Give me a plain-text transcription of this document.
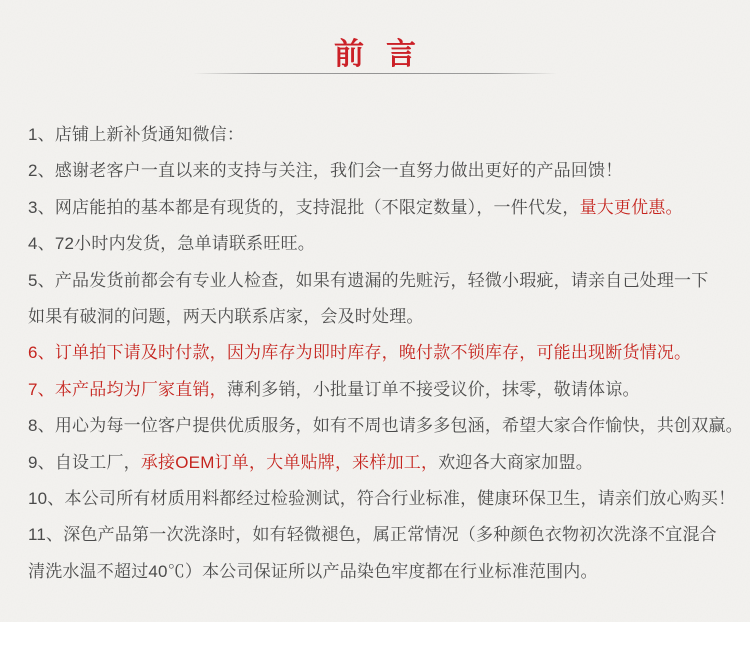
前言
1、店铺上新补货通知微信：
2、感谢老客户一直以来的支持与关注，我们会一直努力做出更好的产品回馈！
3、网店能拍的基本都是有现货的，支持混批（不限定数量），一件代发，量大更优惠。
4、72小时内发货，急单请联系旺旺。
5、产品发货前都会有专业人检查，如果有遗漏的先赃污，轻微小瑕疵，请亲自己处理一下
如果有破洞的问题，两天内联系店家，会及时处理。
6、订单拍下请及时付款，因为库存为即时库存，晚付款不锁库存，可能出现断货情况。
7、本产品均为厂家直销，薄利多销，小批量订单不接受议价，抹零，敬请体谅。
8、用心为每一位客户提供优质服务，如有不周也请多多包涵，希望大家合作愉快，共创双赢。
9、自设工厂，承接OEM订单，大单贴牌，来样加工，欢迎各大商家加盟。
10、本公司所有材质用料都经过检验测试，符合行业标准，健康环保卫生，请亲们放心购买！
11、深色产品第一次洗涤时，如有轻微褪色，属正常情况（多种颜色衣物初次洗涤不宜混合
清洗水温不超过40℃）本公司保证所以产品染色牢度都在行业标准范围内。
